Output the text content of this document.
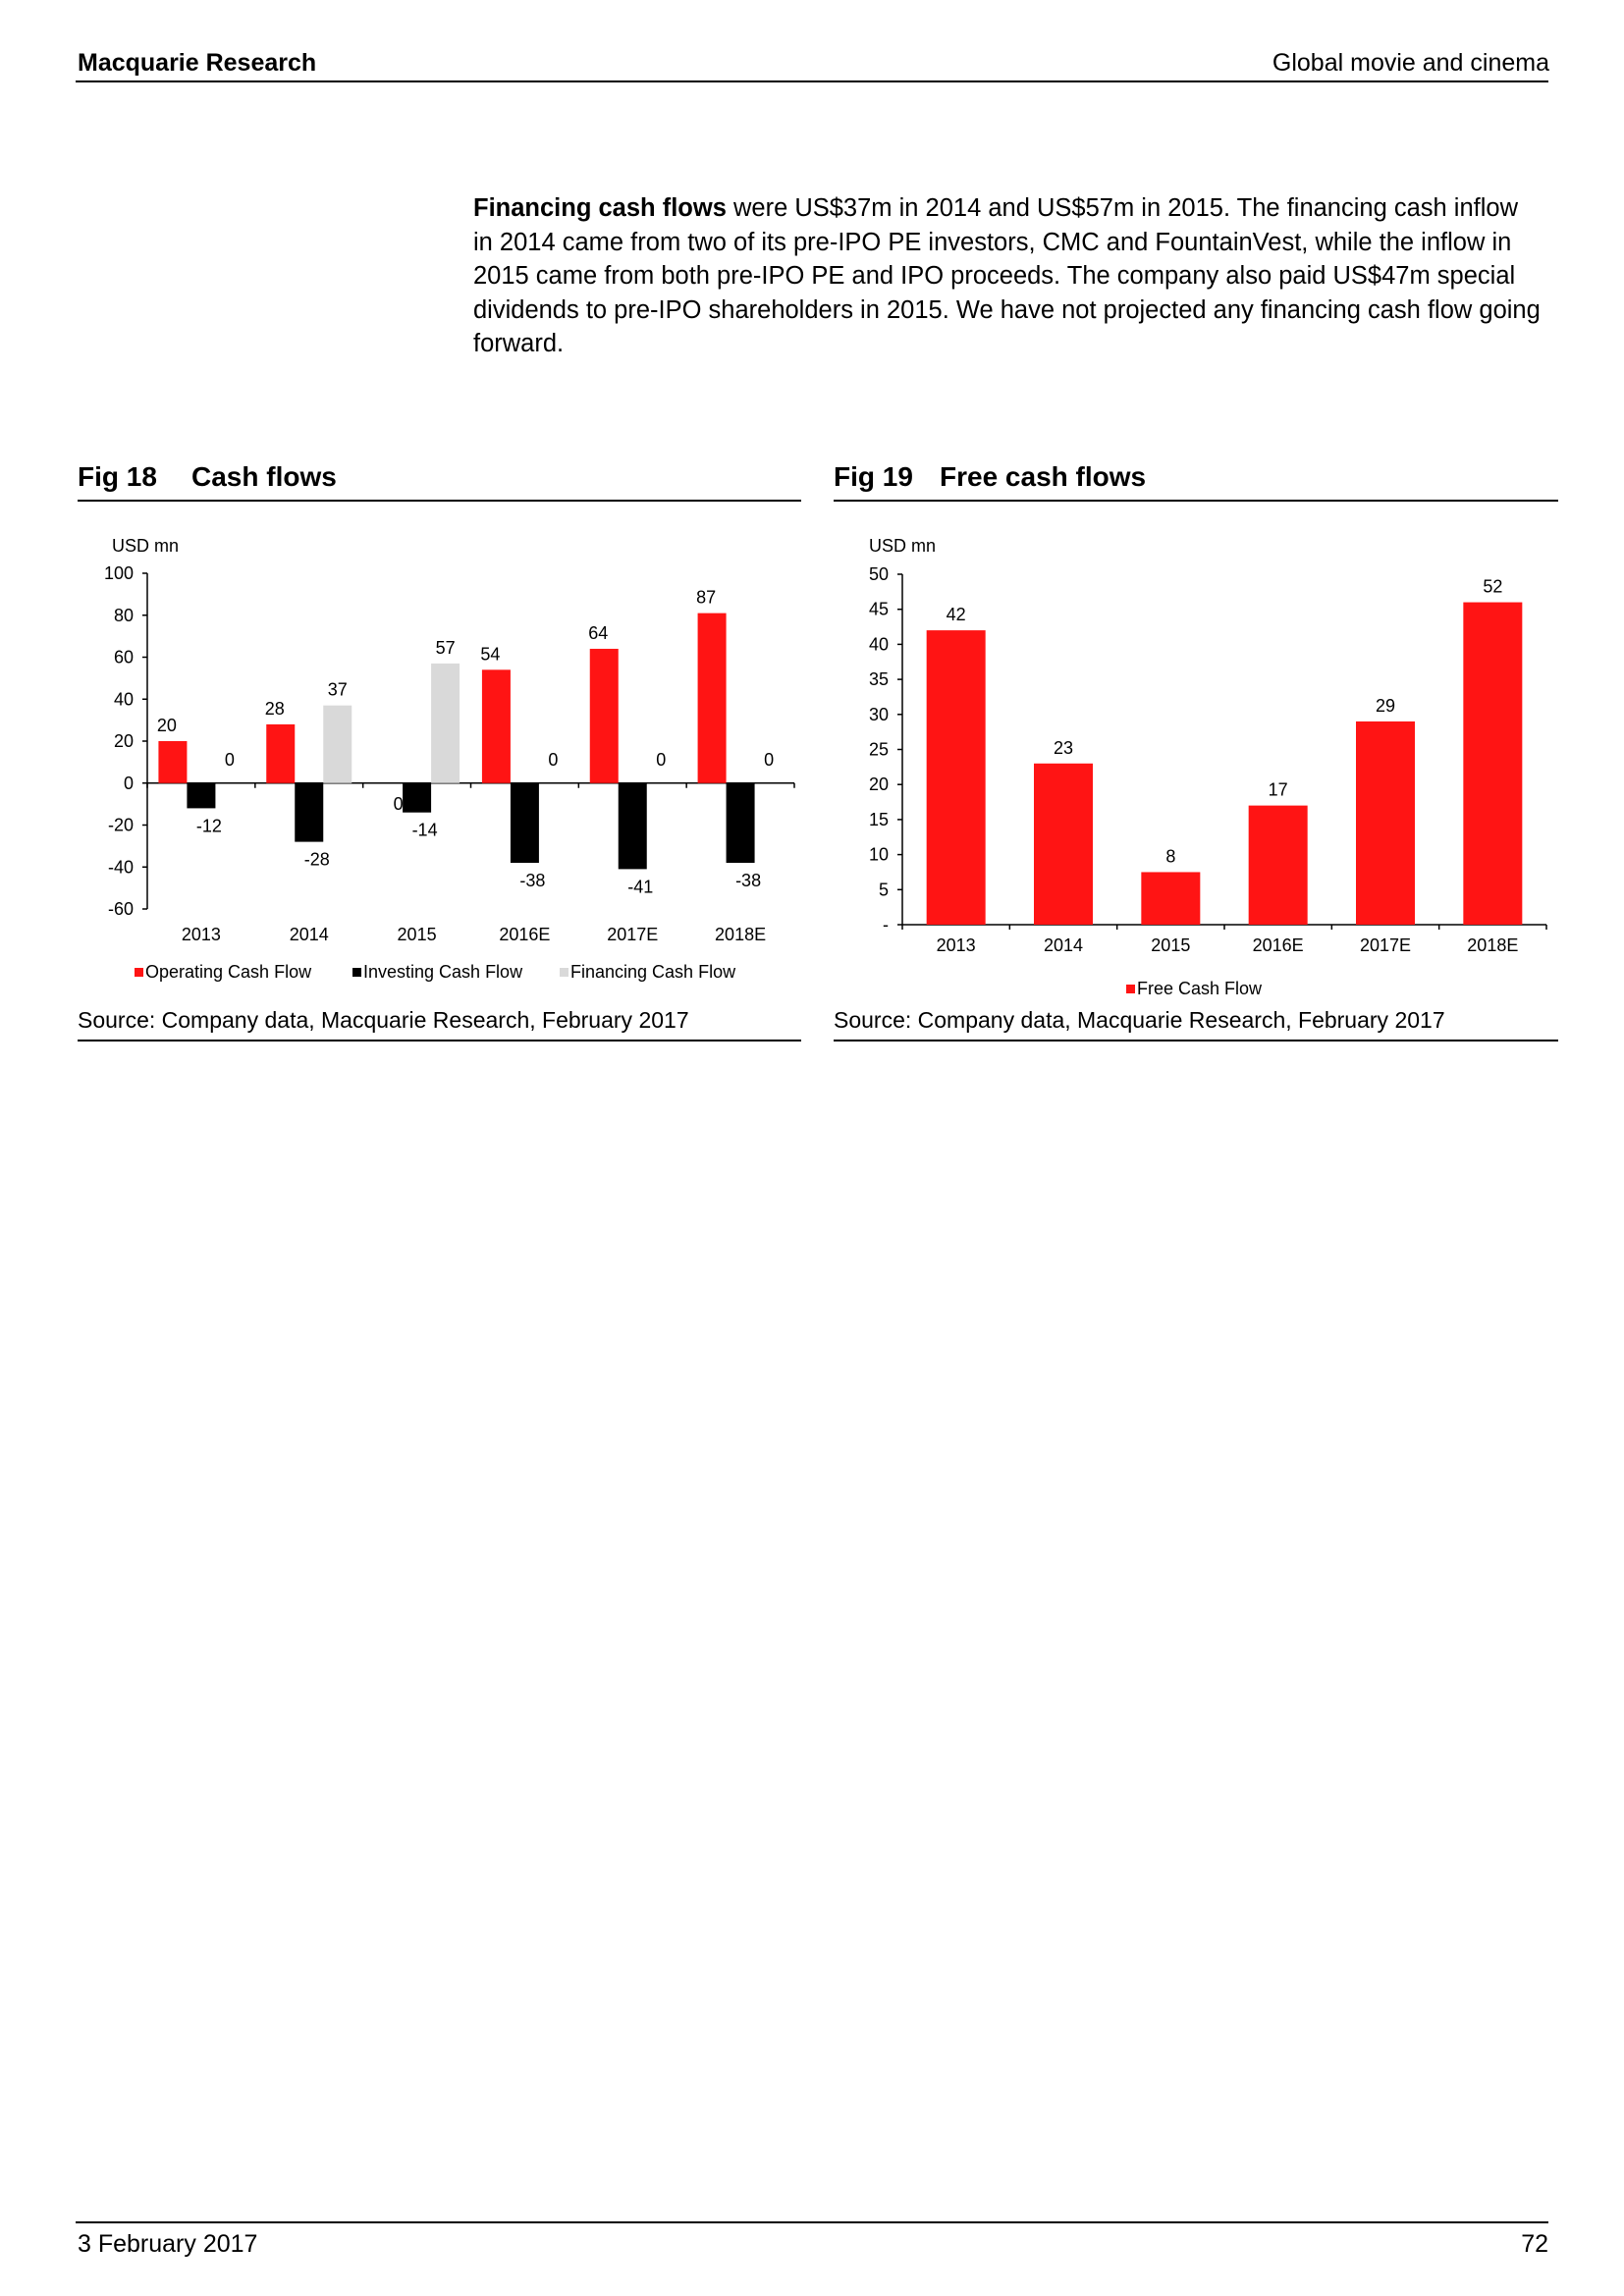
Macquarie Research	Global movie and cinema
Financing cash flows were US$37m in 2014 and US$57m in 2015. The financing cash inflow in 2014 came from two of its pre-IPO PE investors, CMC and FountainVest, while the inflow in 2015 came from both pre-IPO PE and IPO proceeds. The company also paid US$47m special dividends to pre-IPO shareholders in 2015. We have not projected any financing cash flow going forward.
Fig 18 Cash flows
USD mn
100
80
60
40
20
0
-20
-40
-60
2013	2014	2015	2016E	2017E	2018E
20
28
54
64
87
-12
-28
-14
-38	-41	-38
0
37
57
0	0	0
0
Operating Cash Flow	Investing Cash Flow	Financing Cash Flow
Source: Company data, Macquarie Research, February 2017
Fig 19 Free cash flows
USD mn
50
45
40
35
30
25
20
15
10
5
-
2013	2014	2015	2016E	2017E	2018E
42
23
8
17
29
52
Free Cash Flow
Source: Company data, Macquarie Research, February 2017
3 February 2017	72
